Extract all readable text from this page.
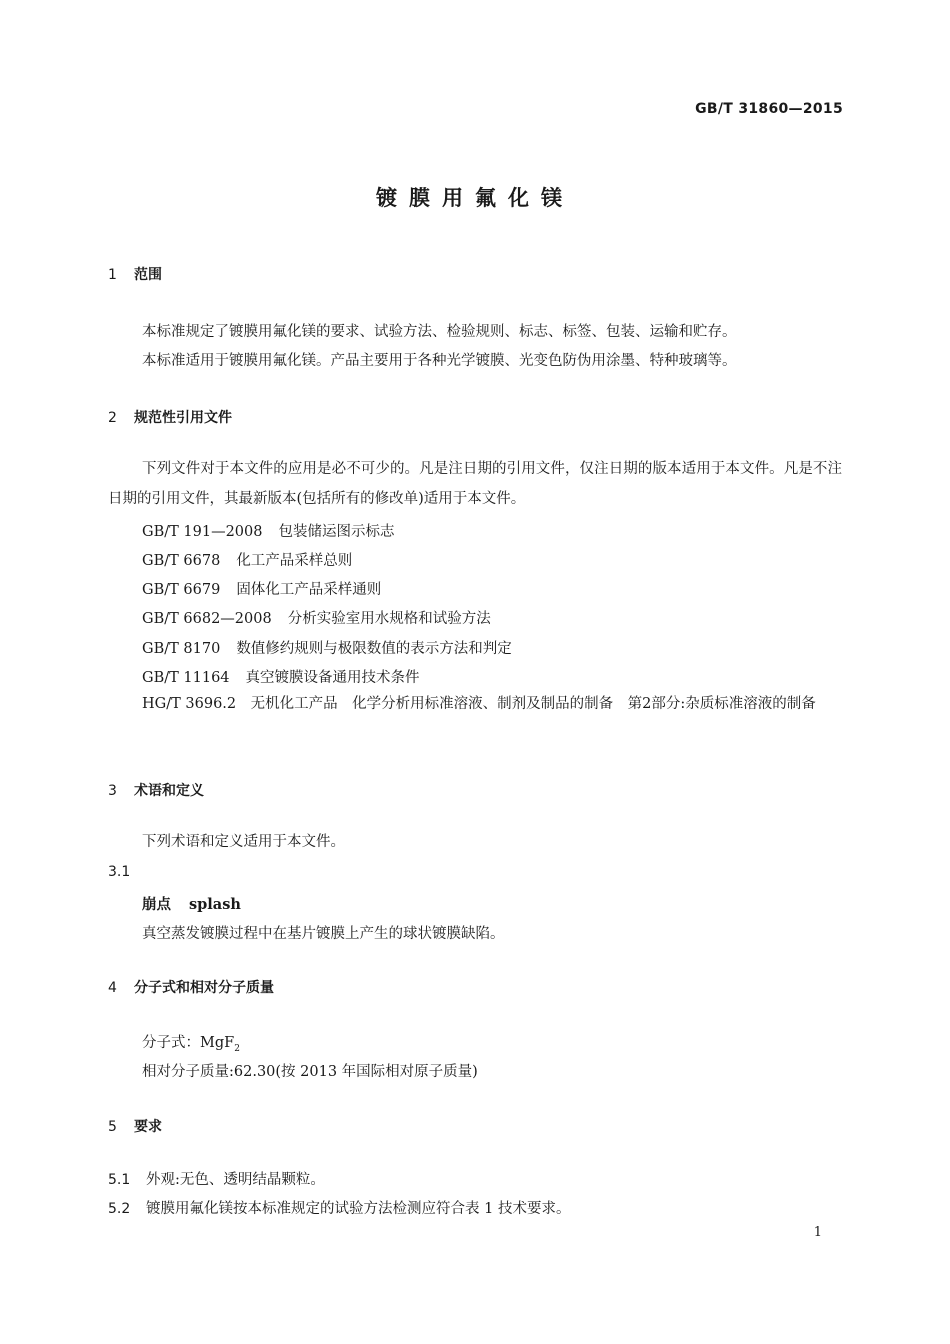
GB/T 31860—2015
镀膜用氟化镁
1 范围
本标准规定了镀膜用氟化镁的要求、试验方法、检验规则、标志、标签、包装、运输和贮存。
本标准适用于镀膜用氟化镁。产品主要用于各种光学镀膜、光变色防伪用涂墨、特种玻璃等。
2 规范性引用文件
下列文件对于本文件的应用是必不可少的。凡是注日期的引用文件，仅注日期的版本适用于本文件。凡是不注日期的引用文件，其最新版本(包括所有的修改单)适用于本文件。
GB/T 191—2008 包装储运图示标志
GB/T 6678 化工产品采样总则
GB/T 6679 固体化工产品采样通则
GB/T 6682—2008 分析实验室用水规格和试验方法
GB/T 8170 数值修约规则与极限数值的表示方法和判定
GB/T 11164 真空镀膜设备通用技术条件
HG/T 3696.2　无机化工产品　化学分析用标准溶液、制剂及制品的制备　第2部分:杂质标准溶液的制备
3 术语和定义
下列术语和定义适用于本文件。
3.1
崩点 splash
真空蒸发镀膜过程中在基片镀膜上产生的球状镀膜缺陷。
4 分子式和相对分子质量
分子式：MgF$_2$
相对分子质量:62.30(按 2013 年国际相对原子质量)
5 要求
5.1 外观:无色、透明结晶颗粒。
5.2 镀膜用氟化镁按本标准规定的试验方法检测应符合表 1 技术要求。
1
